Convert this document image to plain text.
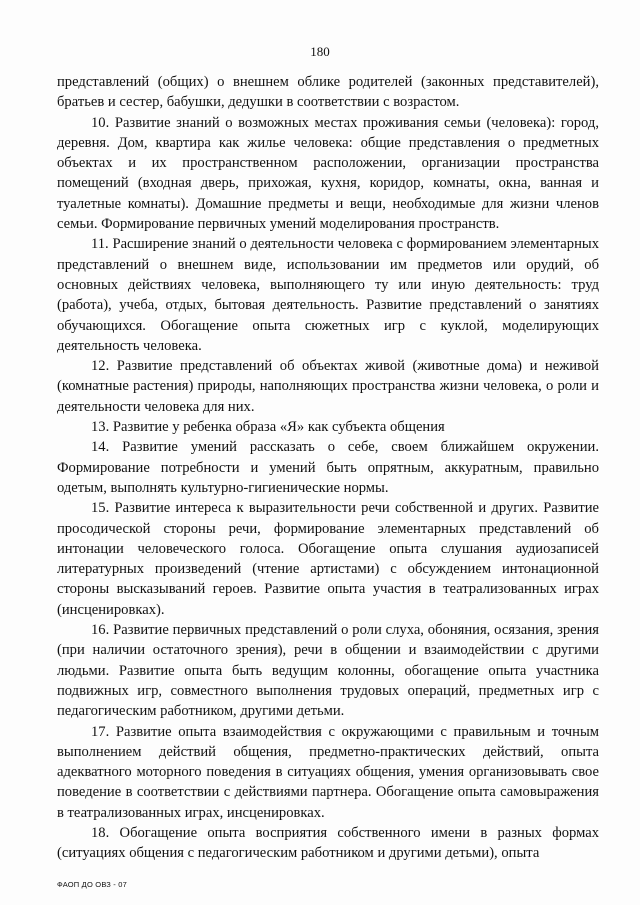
180

представлений (общих) о внешнем облике родителей (законных представителей), братьев и сестер, бабушки, дедушки в соответствии с возрастом.

10. Развитие знаний о возможных местах проживания семьи (человека): город, деревня. Дом, квартира как жилье человека: общие представления о предметных объектах и их пространственном расположении, организации пространства помещений (входная дверь, прихожая, кухня, коридор, комнаты, окна, ванная и туалетные комнаты). Домашние предметы и вещи, необходимые для жизни членов семьи. Формирование первичных умений моделирования пространств.

11. Расширение знаний о деятельности человека с формированием элементарных представлений о внешнем виде, использовании им предметов или орудий, об основных действиях человека, выполняющего ту или иную деятельность: труд (работа), учеба, отдых, бытовая деятельность. Развитие представлений о занятиях обучающихся. Обогащение опыта сюжетных игр с куклой, моделирующих деятельность человека.

12. Развитие представлений об объектах живой (животные дома) и неживой (комнатные растения) природы, наполняющих пространства жизни человека, о роли и деятельности человека для них.

13. Развитие у ребенка образа «Я» как субъекта общения

14. Развитие умений рассказать о себе, своем ближайшем окружении. Формирование потребности и умений быть опрятным, аккуратным, правильно одетым, выполнять культурно-гигиенические нормы.

15. Развитие интереса к выразительности речи собственной и других. Развитие просодической стороны речи, формирование элементарных представлений об интонации человеческого голоса. Обогащение опыта слушания аудиозаписей литературных произведений (чтение артистами) с обсуждением интонационной стороны высказываний героев. Развитие опыта участия в театрализованных играх (инсценировках).

16. Развитие первичных представлений о роли слуха, обоняния, осязания, зрения (при наличии остаточного зрения), речи в общении и взаимодействии с другими людьми. Развитие опыта быть ведущим колонны, обогащение опыта участника подвижных игр, совместного выполнения трудовых операций, предметных игр с педагогическим работником, другими детьми.

17. Развитие опыта взаимодействия с окружающими с правильным и точным выполнением действий общения, предметно-практических действий, опыта адекватного моторного поведения в ситуациях общения, умения организовывать свое поведение в соответствии с действиями партнера. Обогащение опыта самовыражения в театрализованных играх, инсценировках.

18. Обогащение опыта восприятия собственного имени в разных формах (ситуациях общения с педагогическим работником и другими детьми), опыта

ФАОП ДО ОВЗ - 07
